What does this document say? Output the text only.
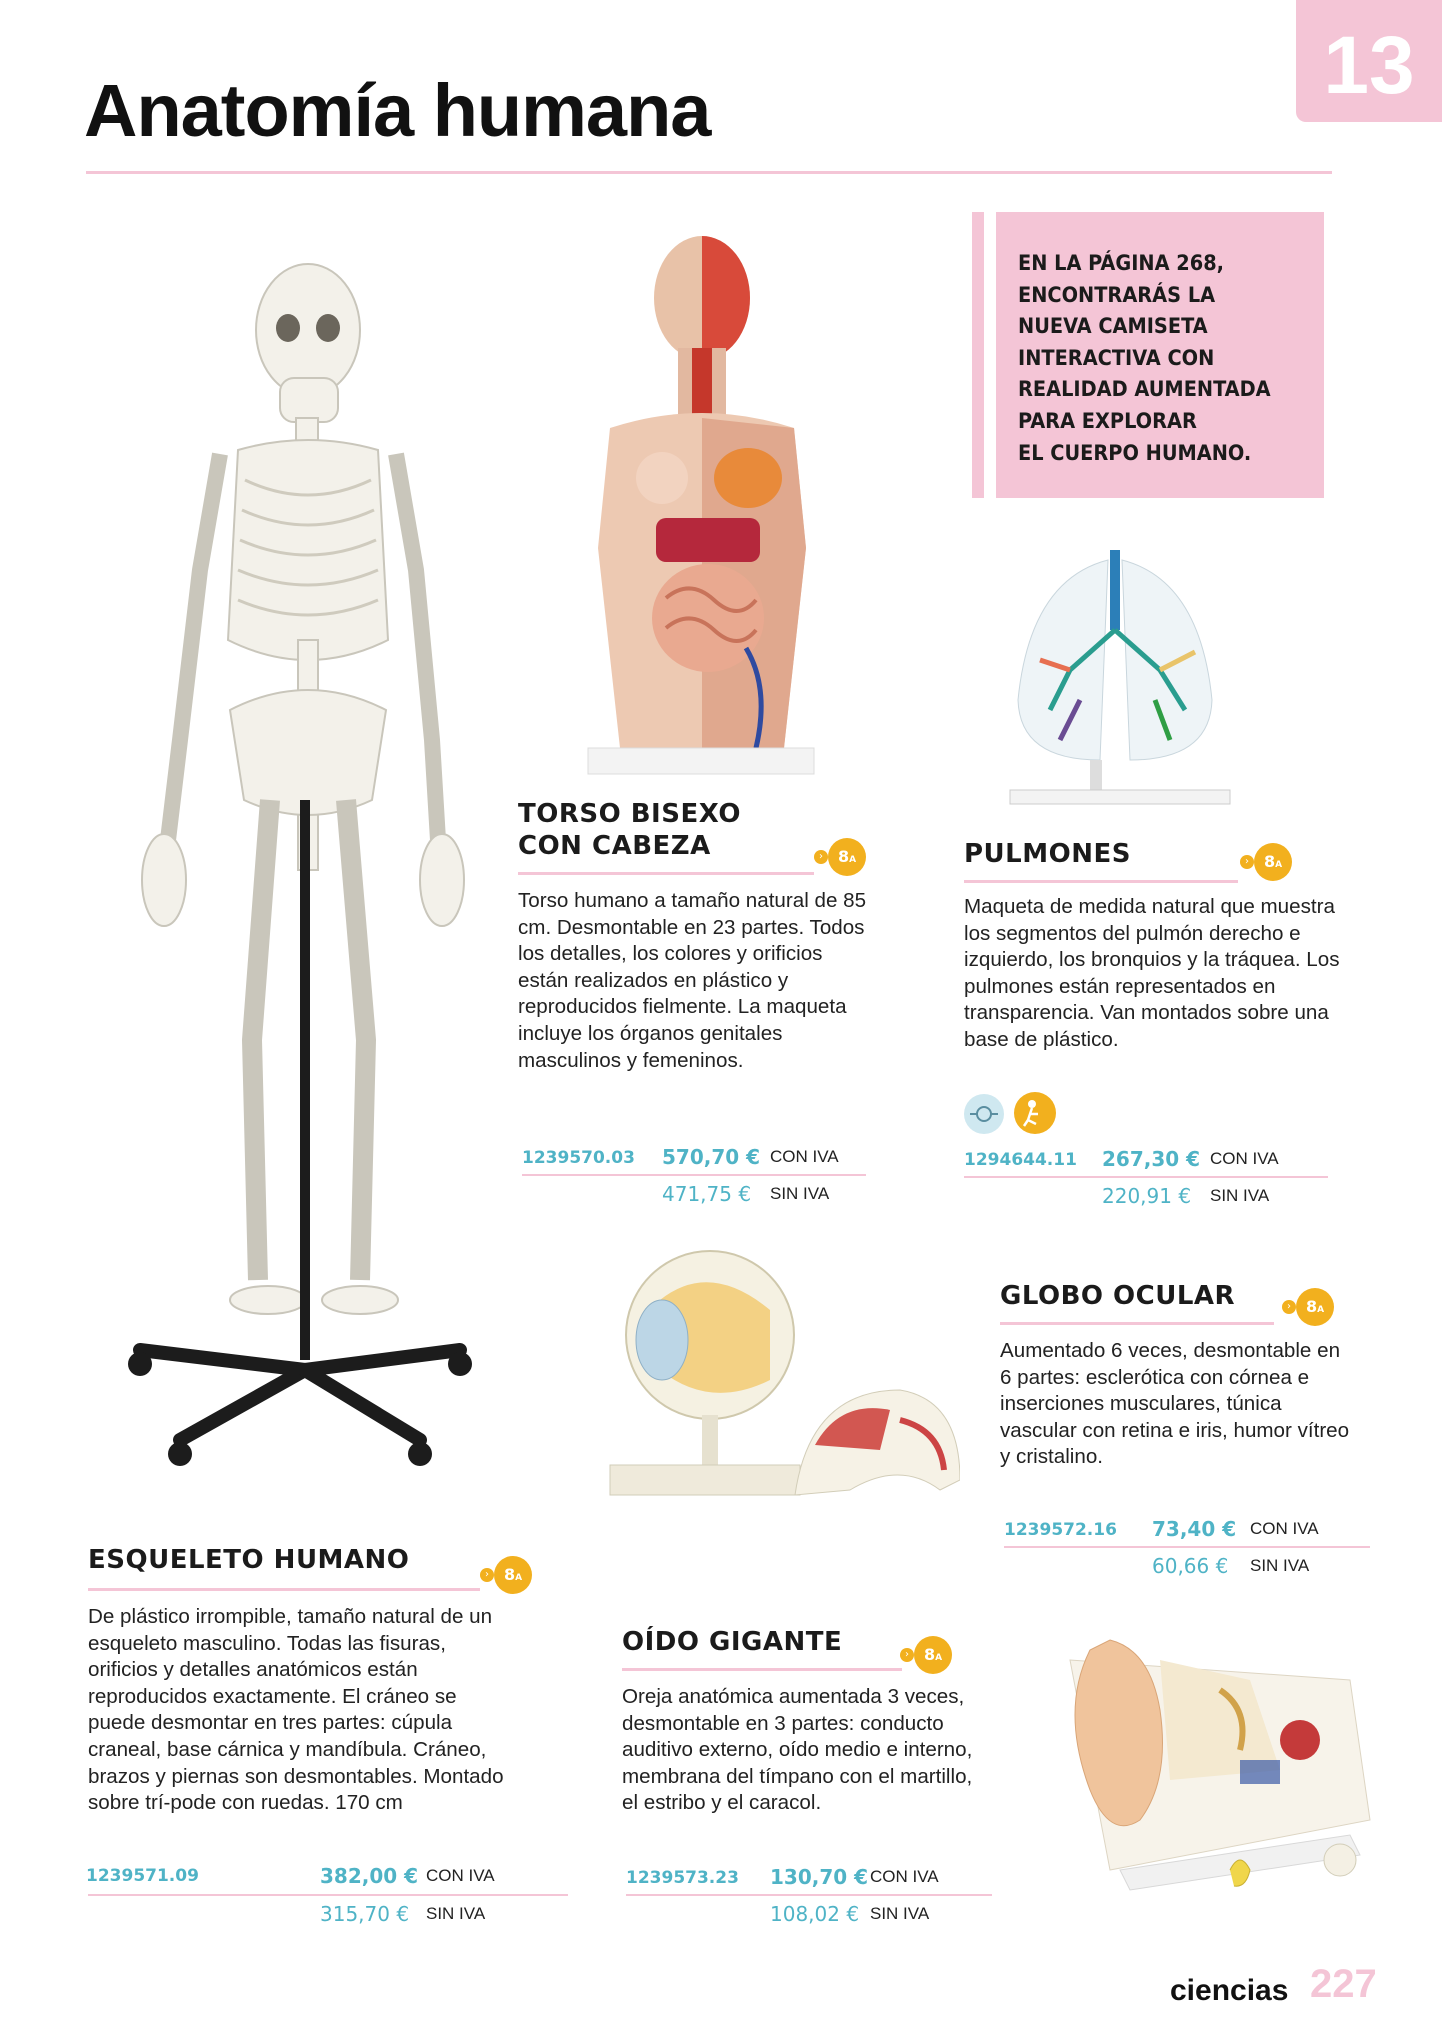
Anatomía humana	13
EN LA PÁGINA 268,
ENCONTRARÁS LA
NUEVA CAMISETA
INTERACTIVA CON
REALIDAD AUMENTADA
PARA EXPLORAR
EL CUERPO HUMANO.
TORSO BISEXO
CON CABEZA	› 8A
Torso humano a tamaño natural de 85 cm. Desmontable en 23 partes. Todos los detalles, los colores y orificios están realizados en plástico y reproducidos fielmente. La maqueta incluye los órganos genitales masculinos y femeninos.
1239570.03 570,70 € CON IVA
471,75 € SIN IVA
PULMONES	› 8A
Maqueta de medida natural que muestra los segmentos del pulmón derecho e izquierdo, los bronquios y la tráquea. Los pulmones están representados en transparencia. Van montados sobre una base de plástico.
1294644.11 267,30 € CON IVA
220,91 € SIN IVA
GLOBO OCULAR	› 8A
Aumentado 6 veces, desmontable en 6 partes: esclerótica con córnea e inserciones musculares, túnica vascular con retina e iris, humor vítreo y cristalino.
1239572.16 73,40 € CON IVA
60,66 € SIN IVA
ESQUELETO HUMANO	› 8A
De plástico irrompible, tamaño natural de un esqueleto masculino. Todas las fisuras, orificios y detalles anatómicos están reproducidos exactamente. El cráneo se puede desmontar en tres partes: cúpula craneal, base cárnica y mandíbula. Cráneo, brazos y piernas son desmontables. Montado sobre trí-pode con ruedas. 170 cm
1239571.09	382,00 € CON IVA
315,70 € SIN IVA
OÍDO GIGANTE	› 8A
Oreja anatómica aumentada 3 veces, desmontable en 3 partes: conducto auditivo externo, oído medio e interno, membrana del tímpano con el martillo, el estribo y el caracol.
1239573.23 130,70 € CON IVA
108,02 € SIN IVA
ciencias 227
